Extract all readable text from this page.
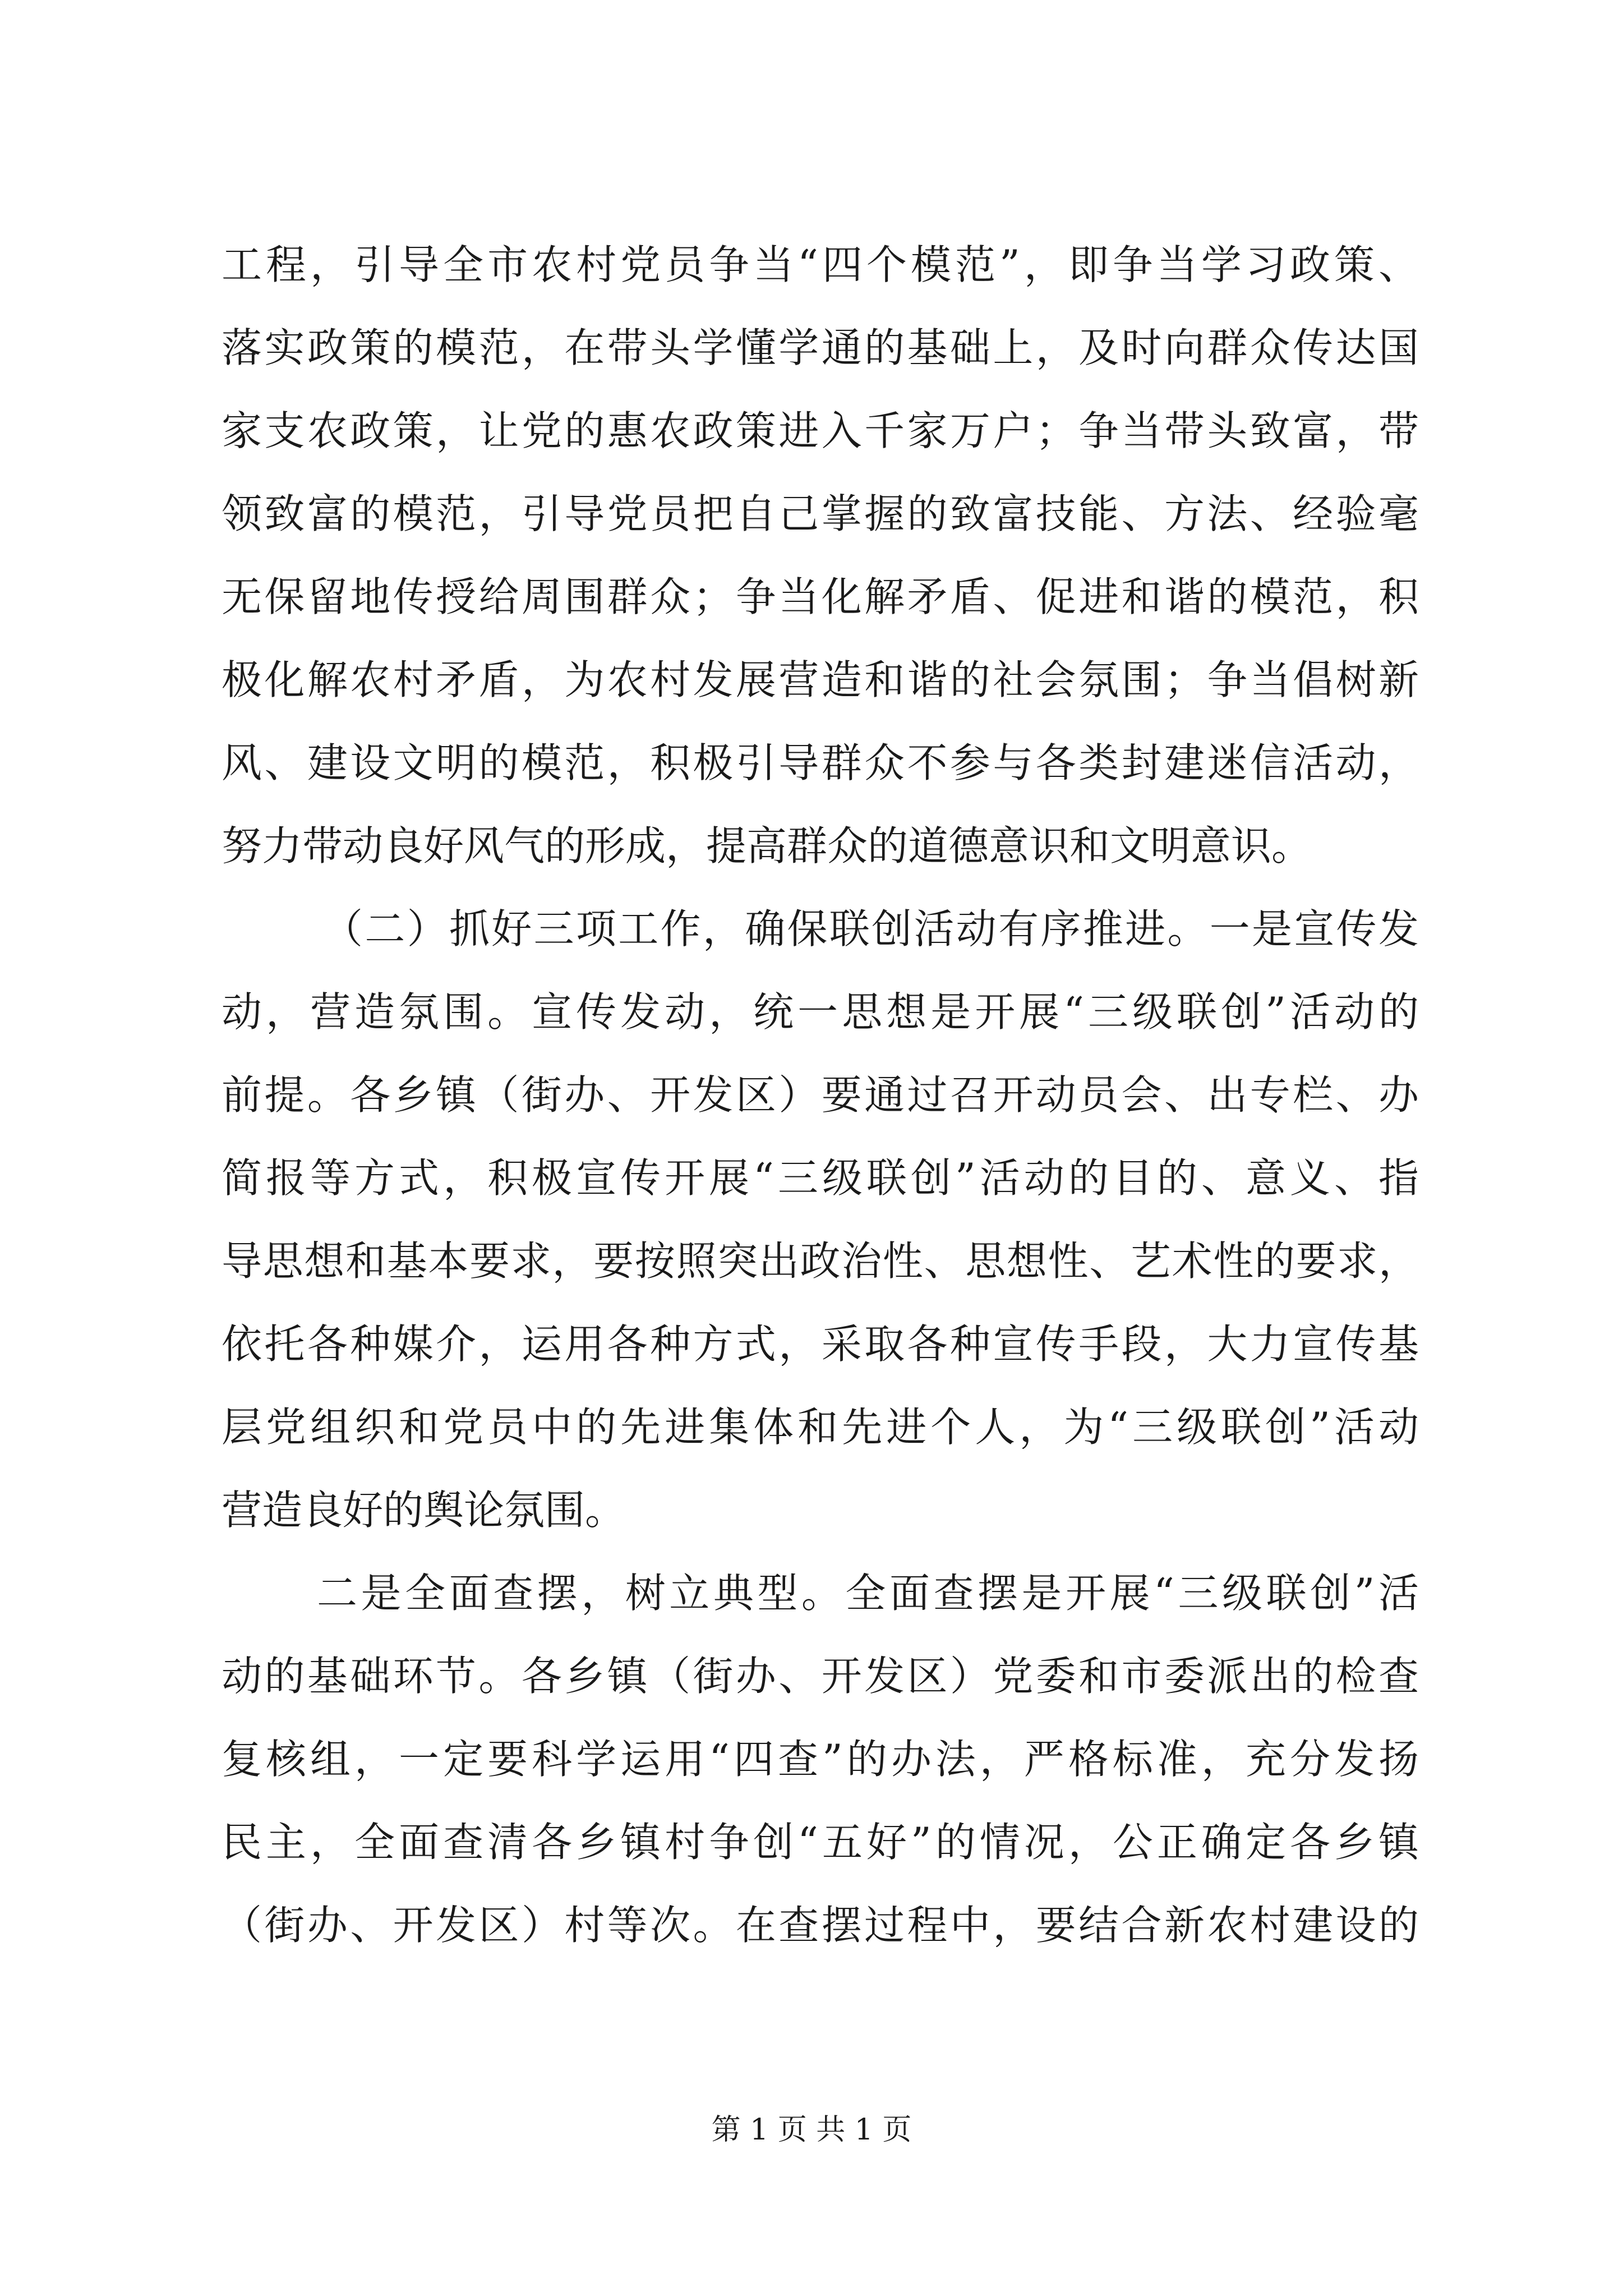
工程，引导全市农村党员争当“四个模范”，即争当学习政策、
落实政策的模范，在带头学懂学通的基础上，及时向群众传达国
家支农政策，让党的惠农政策进入千家万户；争当带头致富，带
领致富的模范，引导党员把自己掌握的致富技能、方法、经验毫
无保留地传授给周围群众；争当化解矛盾、促进和谐的模范，积
极化解农村矛盾，为农村发展营造和谐的社会氛围；争当倡树新
风、建设文明的模范，积极引导群众不参与各类封建迷信活动，
努力带动良好风气的形成，提高群众的道德意识和文明意识。
（二）抓好三项工作，确保联创活动有序推进。一是宣传发
动，营造氛围。宣传发动，统一思想是开展“三级联创”活动的
前提。各乡镇（街办、开发区）要通过召开动员会、出专栏、办
简报等方式，积极宣传开展“三级联创”活动的目的、意义、指
导思想和基本要求，要按照突出政治性、思想性、艺术性的要求，
依托各种媒介，运用各种方式，采取各种宣传手段，大力宣传基
层党组织和党员中的先进集体和先进个人，为“三级联创”活动
营造良好的舆论氛围。
二是全面查摆，树立典型。全面查摆是开展“三级联创”活
动的基础环节。各乡镇（街办、开发区）党委和市委派出的检查
复核组，一定要科学运用“四查”的办法，严格标准，充分发扬
民主，全面查清各乡镇村争创“五好”的情况，公正确定各乡镇
（街办、开发区）村等次。在查摆过程中，要结合新农村建设的
第 1 页 共 1 页
